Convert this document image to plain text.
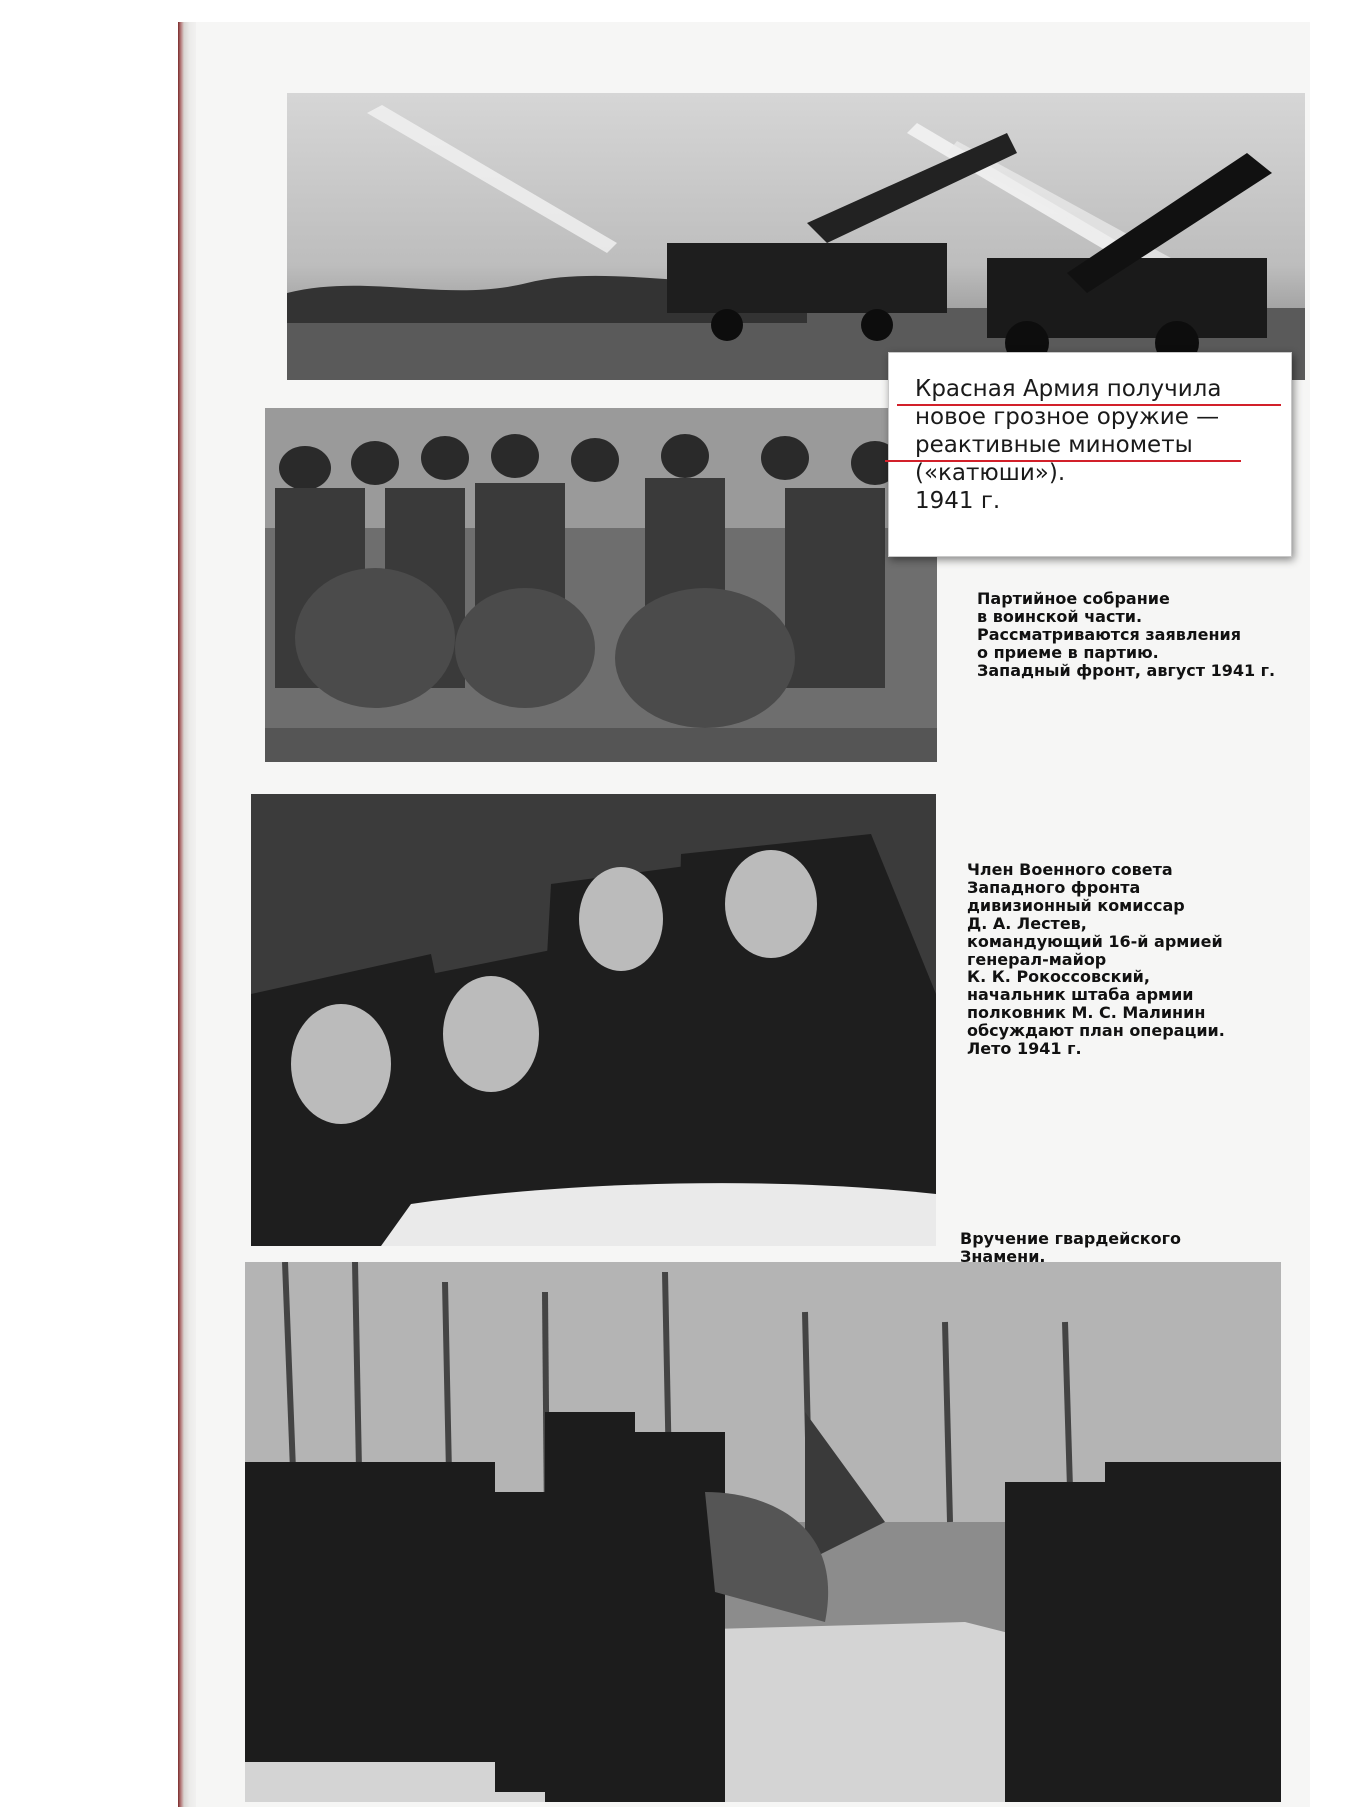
Красная Армия получила
новое грозное оружие —
реактивные минометы
(«катюши»).
1941 г.
Партийное собрание
в воинской части.
Рассматриваются заявления
о приеме в партию.
Западный фронт, август 1941 г.
Член Военного совета
Западного фронта
дивизионный комиссар
Д. А. Лестев,
командующий 16-й армией
генерал-майор
К. К. Рокоссовский,
начальник штаба армии
полковник М. С. Малинин
обсуждают план операции.
Лето 1941 г.
Вручение гвардейского
Знамени.
